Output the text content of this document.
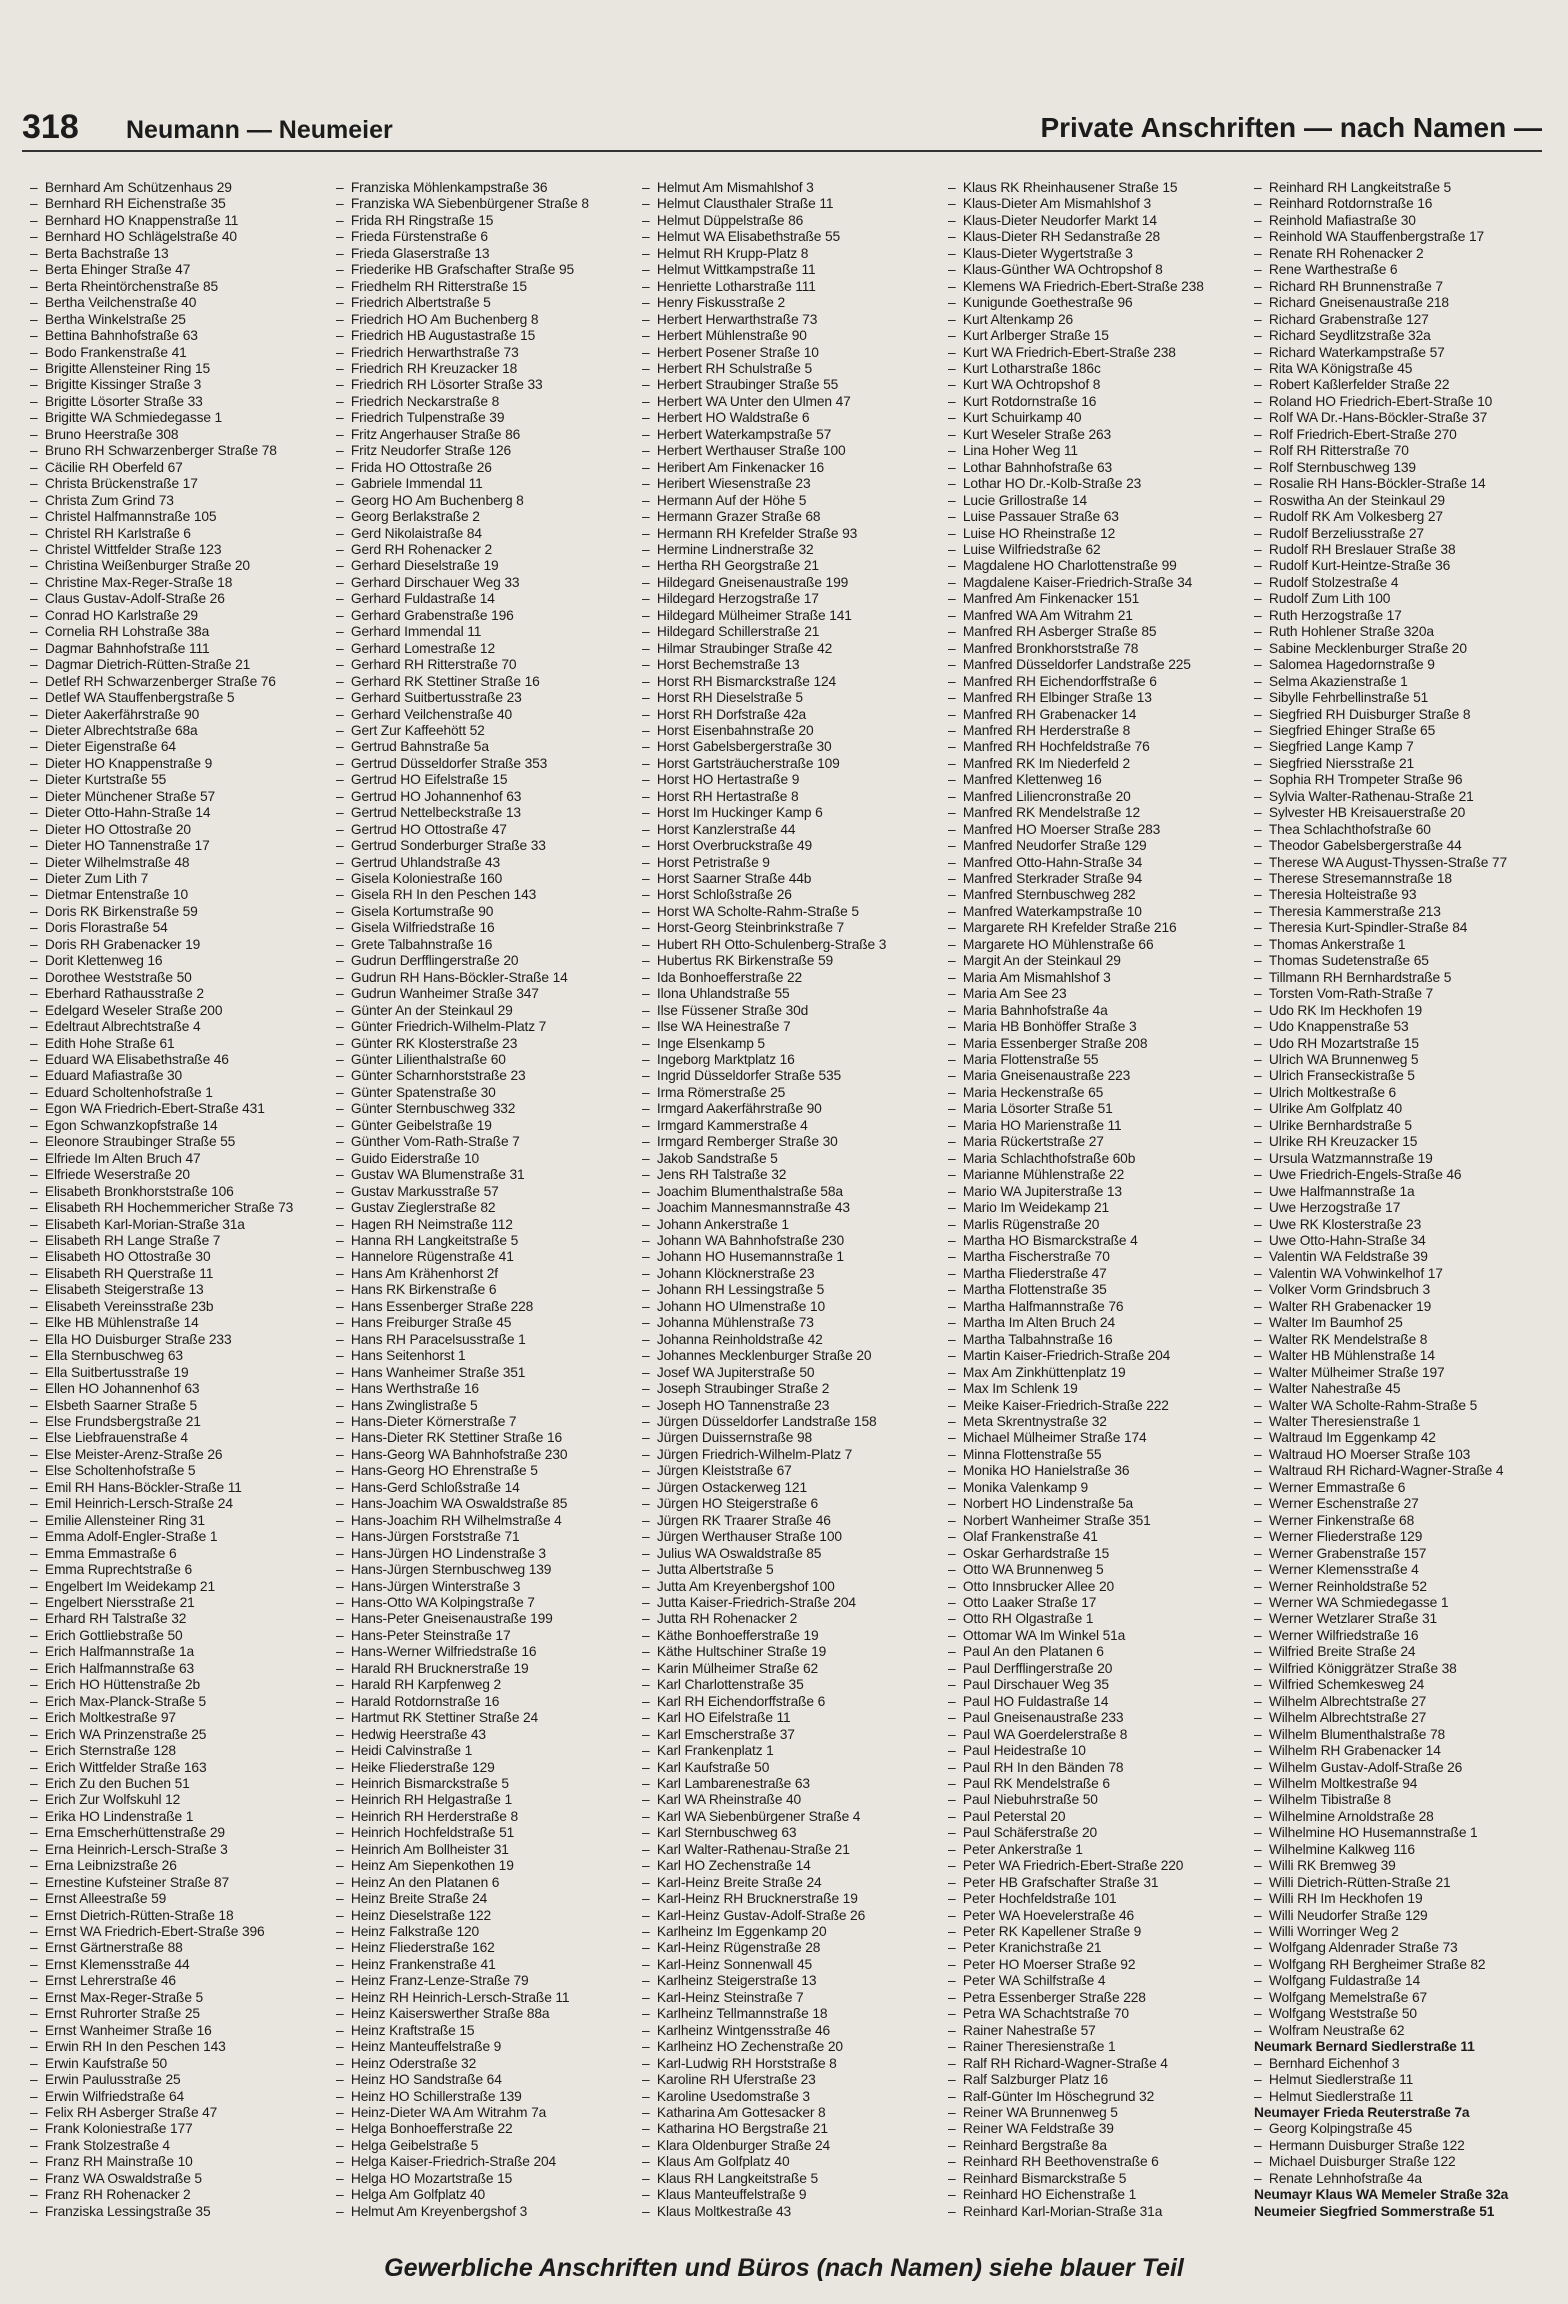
318 Neumann — Neumeier	Private Anschriften — nach Namen —
–  Bernhard Am Schützenhaus 29
–  Bernhard RH Eichenstraße 35
–  Bernhard HO Knappenstraße 11
–  Bernhard HO Schlägelstraße 40
–  Berta Bachstraße 13
–  Berta Ehinger Straße 47
–  Berta Rheintörchenstraße 85
–  Bertha Veilchenstraße 40
–  Bertha Winkelstraße 25
–  Bettina Bahnhofstraße 63
–  Bodo Frankenstraße 41
–  Brigitte Allensteiner Ring 15
–  Brigitte Kissinger Straße 3
–  Brigitte Lösorter Straße 33
–  Brigitte WA Schmiedegasse 1
–  Bruno Heerstraße 308
–  Bruno RH Schwarzenberger Straße 78
–  Cäcilie RH Oberfeld 67
–  Christa Brückenstraße 17
–  Christa Zum Grind 73
–  Christel Halfmannstraße 105
–  Christel RH Karlstraße 6
–  Christel Wittfelder Straße 123
–  Christina Weißenburger Straße 20
–  Christine Max-Reger-Straße 18
–  Claus Gustav-Adolf-Straße 26
–  Conrad HO Karlstraße 29
–  Cornelia RH Lohstraße 38a
–  Dagmar Bahnhofstraße 111
–  Dagmar Dietrich-Rütten-Straße 21
–  Detlef RH Schwarzenberger Straße 76
–  Detlef WA Stauffenbergstraße 5
–  Dieter Aakerfährstraße 90
–  Dieter Albrechtstraße 68a
–  Dieter Eigenstraße 64
–  Dieter HO Knappenstraße 9
–  Dieter Kurtstraße 55
–  Dieter Münchener Straße 57
–  Dieter Otto-Hahn-Straße 14
–  Dieter HO Ottostraße 20
–  Dieter HO Tannenstraße 17
–  Dieter Wilhelmstraße 48
–  Dieter Zum Lith 7
–  Dietmar Entenstraße 10
–  Doris RK Birkenstraße 59
–  Doris Florastraße 54
–  Doris RH Grabenacker 19
–  Dorit Klettenweg 16
–  Dorothee Weststraße 50
–  Eberhard Rathausstraße 2
–  Edelgard Weseler Straße 200
–  Edeltraut Albrechtstraße 4
–  Edith Hohe Straße 61
–  Eduard WA Elisabethstraße 46
–  Eduard Mafiastraße 30
–  Eduard Scholtenhofstraße 1
–  Egon WA Friedrich-Ebert-Straße 431
–  Egon Schwanzkopfstraße 14
–  Eleonore Straubinger Straße 55
–  Elfriede Im Alten Bruch 47
–  Elfriede Weserstraße 20
–  Elisabeth Bronkhorststraße 106
–  Elisabeth RH Hochemmericher Straße 73
–  Elisabeth Karl-Morian-Straße 31a
–  Elisabeth RH Lange Straße 7
–  Elisabeth HO Ottostraße 30
–  Elisabeth RH Querstraße 11
–  Elisabeth Steigerstraße 13
–  Elisabeth Vereinsstraße 23b
–  Elke HB Mühlenstraße 14
–  Ella HO Duisburger Straße 233
–  Ella Sternbuschweg 63
–  Ella Suitbertusstraße 19
–  Ellen HO Johannenhof 63
–  Elsbeth Saarner Straße 5
–  Else Frundsbergstraße 21
–  Else Liebfrauenstraße 4
–  Else Meister-Arenz-Straße 26
–  Else Scholtenhofstraße 5
–  Emil RH Hans-Böckler-Straße 11
–  Emil Heinrich-Lersch-Straße 24
–  Emilie Allensteiner Ring 31
–  Emma Adolf-Engler-Straße 1
–  Emma Emmastraße 6
–  Emma Ruprechtstraße 6
–  Engelbert Im Weidekamp 21
–  Engelbert Niersstraße 21
–  Erhard RH Talstraße 32
–  Erich Gottliebstraße 50
–  Erich Halfmannstraße 1a
–  Erich Halfmannstraße 63
–  Erich HO Hüttenstraße 2b
–  Erich Max-Planck-Straße 5
–  Erich Moltkestraße 97
–  Erich WA Prinzenstraße 25
–  Erich Sternstraße 128
–  Erich Wittfelder Straße 163
–  Erich Zu den Buchen 51
–  Erich Zur Wolfskuhl 12
–  Erika HO Lindenstraße 1
–  Erna Emscherhüttenstraße 29
–  Erna Heinrich-Lersch-Straße 3
–  Erna Leibnizstraße 26
–  Ernestine Kufsteiner Straße 87
–  Ernst Alleestraße 59
–  Ernst Dietrich-Rütten-Straße 18
–  Ernst WA Friedrich-Ebert-Straße 396
–  Ernst Gärtnerstraße 88
–  Ernst Klemensstraße 44
–  Ernst Lehrerstraße 46
–  Ernst Max-Reger-Straße 5
–  Ernst Ruhrorter Straße 25
–  Ernst Wanheimer Straße 16
–  Erwin RH In den Peschen 143
–  Erwin Kaufstraße 50
–  Erwin Paulusstraße 25
–  Erwin Wilfriedstraße 64
–  Felix RH Asberger Straße 47
–  Frank Koloniestraße 177
–  Frank Stolzestraße 4
–  Franz RH Mainstraße 10
–  Franz WA Oswaldstraße 5
–  Franz RH Rohenacker 2
–  Franziska Lessingstraße 35
–  Franziska Möhlenkampstraße 36
–  Franziska WA Siebenbürgener Straße 8
–  Frida RH Ringstraße 15
–  Frieda Fürstenstraße 6
–  Frieda Glaserstraße 13
–  Friederike HB Grafschafter Straße 95
–  Friedhelm RH Ritterstraße 15
–  Friedrich Albertstraße 5
–  Friedrich HO Am Buchenberg 8
–  Friedrich HB Augustastraße 15
–  Friedrich Herwarthstraße 73
–  Friedrich RH Kreuzacker 18
–  Friedrich RH Lösorter Straße 33
–  Friedrich Neckarstraße 8
–  Friedrich Tulpenstraße 39
–  Fritz Angerhauser Straße 86
–  Fritz Neudorfer Straße 126
–  Frida HO Ottostraße 26
–  Gabriele Immendal 11
–  Georg HO Am Buchenberg 8
–  Georg Berlakstraße 2
–  Gerd Nikolaistraße 84
–  Gerd RH Rohenacker 2
–  Gerhard Dieselstraße 19
–  Gerhard Dirschauer Weg 33
–  Gerhard Fuldastraße 14
–  Gerhard Grabenstraße 196
–  Gerhard Immendal 11
–  Gerhard Lomestraße 12
–  Gerhard RH Ritterstraße 70
–  Gerhard RK Stettiner Straße 16
–  Gerhard Suitbertusstraße 23
–  Gerhard Veilchenstraße 40
–  Gert Zur Kaffeehött 52
–  Gertrud Bahnstraße 5a
–  Gertrud Düsseldorfer Straße 353
–  Gertrud HO Eifelstraße 15
–  Gertrud HO Johannenhof 63
–  Gertrud Nettelbeckstraße 13
–  Gertrud HO Ottostraße 47
–  Gertrud Sonderburger Straße 33
–  Gertrud Uhlandstraße 43
–  Gisela Koloniestraße 160
–  Gisela RH In den Peschen 143
–  Gisela Kortumstraße 90
–  Gisela Wilfriedstraße 16
–  Grete Talbahnstraße 16
–  Gudrun Derfflingerstraße 20
–  Gudrun RH Hans-Böckler-Straße 14
–  Gudrun Wanheimer Straße 347
–  Günter An der Steinkaul 29
–  Günter Friedrich-Wilhelm-Platz 7
–  Günter RK Klosterstraße 23
–  Günter Lilienthalstraße 60
–  Günter Scharnhorststraße 23
–  Günter Spatenstraße 30
–  Günter Sternbuschweg 332
–  Günter Geibelstraße 19
–  Günther Vom-Rath-Straße 7
–  Guido Eiderstraße 10
–  Gustav WA Blumenstraße 31
–  Gustav Markusstraße 57
–  Gustav Zieglerstraße 82
–  Hagen RH Neimstraße 112
–  Hanna RH Langkeitstraße 5
–  Hannelore Rügenstraße 41
–  Hans Am Krähenhorst 2f
–  Hans RK Birkenstraße 6
–  Hans Essenberger Straße 228
–  Hans Freiburger Straße 45
–  Hans RH Paracelsusstraße 1
–  Hans Seitenhorst 1
–  Hans Wanheimer Straße 351
–  Hans Werthstraße 16
–  Hans Zwinglistraße 5
–  Hans-Dieter Körnerstraße 7
–  Hans-Dieter RK Stettiner Straße 16
–  Hans-Georg WA Bahnhofstraße 230
–  Hans-Georg HO Ehrenstraße 5
–  Hans-Gerd Schloßstraße 14
–  Hans-Joachim WA Oswaldstraße 85
–  Hans-Joachim RH Wilhelmstraße 4
–  Hans-Jürgen Forststraße 71
–  Hans-Jürgen HO Lindenstraße 3
–  Hans-Jürgen Sternbuschweg 139
–  Hans-Jürgen Winterstraße 3
–  Hans-Otto WA Kolpingstraße 7
–  Hans-Peter Gneisenaustraße 199
–  Hans-Peter Steinstraße 17
–  Hans-Werner Wilfriedstraße 16
–  Harald RH Brucknerstraße 19
–  Harald RH Karpfenweg 2
–  Harald Rotdornstraße 16
–  Hartmut RK Stettiner Straße 24
–  Hedwig Heerstraße 43
–  Heidi Calvinstraße 1
–  Heike Fliederstraße 129
–  Heinrich Bismarckstraße 5
–  Heinrich RH Helgastraße 1
–  Heinrich RH Herderstraße 8
–  Heinrich Hochfeldstraße 51
–  Heinrich Am Bollheister 31
–  Heinz Am Siepenkothen 19
–  Heinz An den Platanen 6
–  Heinz Breite Straße 24
–  Heinz Dieselstraße 122
–  Heinz Falkstraße 120
–  Heinz Fliederstraße 162
–  Heinz Frankenstraße 41
–  Heinz Franz-Lenze-Straße 79
–  Heinz RH Heinrich-Lersch-Straße 11
–  Heinz Kaiserswerther Straße 88a
–  Heinz Kraftstraße 15
–  Heinz Manteuffelstraße 9
–  Heinz Oderstraße 32
–  Heinz HO Sandstraße 64
–  Heinz HO Schillerstraße 139
–  Heinz-Dieter WA Am Witrahm 7a
–  Helga Bonhoefferstraße 22
–  Helga Geibelstraße 5
–  Helga Kaiser-Friedrich-Straße 204
–  Helga HO Mozartstraße 15
–  Helga Am Golfplatz 40
–  Helmut Am Kreyenbergshof 3
–  Helmut Am Mismahlshof 3
–  Helmut Clausthaler Straße 11
–  Helmut Düppelstraße 86
–  Helmut WA Elisabethstraße 55
–  Helmut RH Krupp-Platz 8
–  Helmut Wittkampstraße 11
–  Henriette Lotharstraße 111
–  Henry Fiskusstraße 2
–  Herbert Herwarthstraße 73
–  Herbert Mühlenstraße 90
–  Herbert Posener Straße 10
–  Herbert RH Schulstraße 5
–  Herbert Straubinger Straße 55
–  Herbert WA Unter den Ulmen 47
–  Herbert HO Waldstraße 6
–  Herbert Waterkampstraße 57
–  Herbert Werthauser Straße 100
–  Heribert Am Finkenacker 16
–  Heribert Wiesenstraße 23
–  Hermann Auf der Höhe 5
–  Hermann Grazer Straße 68
–  Hermann RH Krefelder Straße 93
–  Hermine Lindnerstraße 32
–  Hertha RH Georgstraße 21
–  Hildegard Gneisenaustraße 199
–  Hildegard Herzogstraße 17
–  Hildegard Mülheimer Straße 141
–  Hildegard Schillerstraße 21
–  Hilmar Straubinger Straße 42
–  Horst Bechemstraße 13
–  Horst RH Bismarckstraße 124
–  Horst RH Dieselstraße 5
–  Horst RH Dorfstraße 42a
–  Horst Eisenbahnstraße 20
–  Horst Gabelsbergerstraße 30
–  Horst Gartsträucherstraße 109
–  Horst HO Hertastraße 9
–  Horst RH Hertastraße 8
–  Horst Im Huckinger Kamp 6
–  Horst Kanzlerstraße 44
–  Horst Overbruckstraße 49
–  Horst Petristraße 9
–  Horst Saarner Straße 44b
–  Horst Schloßstraße 26
–  Horst WA Scholte-Rahm-Straße 5
–  Horst-Georg Steinbrinkstraße 7
–  Hubert RH Otto-Schulenberg-Straße 3
–  Hubertus RK Birkenstraße 59
–  Ida Bonhoefferstraße 22
–  Ilona Uhlandstraße 55
–  Ilse Füssener Straße 30d
–  Ilse WA Heinestraße 7
–  Inge Elsenkamp 5
–  Ingeborg Marktplatz 16
–  Ingrid Düsseldorfer Straße 535
–  Irma Römerstraße 25
–  Irmgard Aakerfährstraße 90
–  Irmgard Kammerstraße 4
–  Irmgard Remberger Straße 30
–  Jakob Sandstraße 5
–  Jens RH Talstraße 32
–  Joachim Blumenthalstraße 58a
–  Joachim Mannesmannstraße 43
–  Johann Ankerstraße 1
–  Johann WA Bahnhofstraße 230
–  Johann HO Husemannstraße 1
–  Johann Klöcknerstraße 23
–  Johann RH Lessingstraße 5
–  Johann HO Ulmenstraße 10
–  Johanna Mühlenstraße 73
–  Johanna Reinholdstraße 42
–  Johannes Mecklenburger Straße 20
–  Josef WA Jupiterstraße 50
–  Joseph Straubinger Straße 2
–  Joseph HO Tannenstraße 23
–  Jürgen Düsseldorfer Landstraße 158
–  Jürgen Duissernstraße 98
–  Jürgen Friedrich-Wilhelm-Platz 7
–  Jürgen Kleiststraße 67
–  Jürgen Ostackerweg 121
–  Jürgen HO Steigerstraße 6
–  Jürgen RK Traarer Straße 46
–  Jürgen Werthauser Straße 100
–  Julius WA Oswaldstraße 85
–  Jutta Albertstraße 5
–  Jutta Am Kreyenbergshof 100
–  Jutta Kaiser-Friedrich-Straße 204
–  Jutta RH Rohenacker 2
–  Käthe Bonhoefferstraße 19
–  Käthe Hultschiner Straße 19
–  Karin Mülheimer Straße 62
–  Karl Charlottenstraße 35
–  Karl RH Eichendorffstraße 6
–  Karl HO Eifelstraße 11
–  Karl Emscherstraße 37
–  Karl Frankenplatz 1
–  Karl Kaufstraße 50
–  Karl Lambarenestraße 63
–  Karl WA Rheinstraße 40
–  Karl WA Siebenbürgener Straße 4
–  Karl Sternbuschweg 63
–  Karl Walter-Rathenau-Straße 21
–  Karl HO Zechenstraße 14
–  Karl-Heinz Breite Straße 24
–  Karl-Heinz RH Brucknerstraße 19
–  Karl-Heinz Gustav-Adolf-Straße 26
–  Karlheinz Im Eggenkamp 20
–  Karl-Heinz Rügenstraße 28
–  Karl-Heinz Sonnenwall 45
–  Karlheinz Steigerstraße 13
–  Karl-Heinz Steinstraße 7
–  Karlheinz Tellmannstraße 18
–  Karlheinz Wintgensstraße 46
–  Karlheinz HO Zechenstraße 20
–  Karl-Ludwig RH Horststraße 8
–  Karoline RH Uferstraße 23
–  Karoline Usedomstraße 3
–  Katharina Am Gottesacker 8
–  Katharina HO Bergstraße 21
–  Klara Oldenburger Straße 24
–  Klaus Am Golfplatz 40
–  Klaus RH Langkeitstraße 5
–  Klaus Manteuffelstraße 9
–  Klaus Moltkestraße 43
–  Klaus RK Rheinhausener Straße 15
–  Klaus-Dieter Am Mismahlshof 3
–  Klaus-Dieter Neudorfer Markt 14
–  Klaus-Dieter RH Sedanstraße 28
–  Klaus-Dieter Wygertstraße 3
–  Klaus-Günther WA Ochtropshof 8
–  Klemens WA Friedrich-Ebert-Straße 238
–  Kunigunde Goethestraße 96
–  Kurt Altenkamp 26
–  Kurt Arlberger Straße 15
–  Kurt WA Friedrich-Ebert-Straße 238
–  Kurt Lotharstraße 186c
–  Kurt WA Ochtropshof 8
–  Kurt Rotdornstraße 16
–  Kurt Schuirkamp 40
–  Kurt Weseler Straße 263
–  Lina Hoher Weg 11
–  Lothar Bahnhofstraße 63
–  Lothar HO Dr.-Kolb-Straße 23
–  Lucie Grillostraße 14
–  Luise Passauer Straße 63
–  Luise HO Rheinstraße 12
–  Luise Wilfriedstraße 62
–  Magdalene HO Charlottenstraße 99
–  Magdalene Kaiser-Friedrich-Straße 34
–  Manfred Am Finkenacker 151
–  Manfred WA Am Witrahm 21
–  Manfred RH Asberger Straße 85
–  Manfred Bronkhorststraße 78
–  Manfred Düsseldorfer Landstraße 225
–  Manfred RH Eichendorffstraße 6
–  Manfred RH Elbinger Straße 13
–  Manfred RH Grabenacker 14
–  Manfred RH Herderstraße 8
–  Manfred RH Hochfeldstraße 76
–  Manfred RK Im Niederfeld 2
–  Manfred Klettenweg 16
–  Manfred Liliencronstraße 20
–  Manfred RK Mendelstraße 12
–  Manfred HO Moerser Straße 283
–  Manfred Neudorfer Straße 129
–  Manfred Otto-Hahn-Straße 34
–  Manfred Sterkrader Straße 94
–  Manfred Sternbuschweg 282
–  Manfred Waterkampstraße 10
–  Margarete RH Krefelder Straße 216
–  Margarete HO Mühlenstraße 66
–  Margit An der Steinkaul 29
–  Maria Am Mismahlshof 3
–  Maria Am See 23
–  Maria Bahnhofstraße 4a
–  Maria HB Bonhöffer Straße 3
–  Maria Essenberger Straße 208
–  Maria Flottenstraße 55
–  Maria Gneisenaustraße 223
–  Maria Heckenstraße 65
–  Maria Lösorter Straße 51
–  Maria HO Marienstraße 11
–  Maria Rückertstraße 27
–  Maria Schlachthofstraße 60b
–  Marianne Mühlenstraße 22
–  Mario WA Jupiterstraße 13
–  Mario Im Weidekamp 21
–  Marlis Rügenstraße 20
–  Martha HO Bismarckstraße 4
–  Martha Fischerstraße 70
–  Martha Fliederstraße 47
–  Martha Flottenstraße 35
–  Martha Halfmannstraße 76
–  Martha Im Alten Bruch 24
–  Martha Talbahnstraße 16
–  Martin Kaiser-Friedrich-Straße 204
–  Max Am Zinkhüttenplatz 19
–  Max Im Schlenk 19
–  Meike Kaiser-Friedrich-Straße 222
–  Meta Skrentnystraße 32
–  Michael Mülheimer Straße 174
–  Minna Flottenstraße 55
–  Monika HO Hanielstraße 36
–  Monika Valenkamp 9
–  Norbert HO Lindenstraße 5a
–  Norbert Wanheimer Straße 351
–  Olaf Frankenstraße 41
–  Oskar Gerhardstraße 15
–  Otto WA Brunnenweg 5
–  Otto Innsbrucker Allee 20
–  Otto Laaker Straße 17
–  Otto RH Olgastraße 1
–  Ottomar WA Im Winkel 51a
–  Paul An den Platanen 6
–  Paul Derfflingerstraße 20
–  Paul Dirschauer Weg 35
–  Paul HO Fuldastraße 14
–  Paul Gneisenaustraße 233
–  Paul WA Goerdelerstraße 8
–  Paul Heidestraße 10
–  Paul RH In den Bänden 78
–  Paul RK Mendelstraße 6
–  Paul Niebuhrstraße 50
–  Paul Peterstal 20
–  Paul Schäferstraße 20
–  Peter Ankerstraße 1
–  Peter WA Friedrich-Ebert-Straße 220
–  Peter HB Grafschafter Straße 31
–  Peter Hochfeldstraße 101
–  Peter WA Hoevelerstraße 46
–  Peter RK Kapellener Straße 9
–  Peter Kranichstraße 21
–  Peter HO Moerser Straße 92
–  Peter WA Schilfstraße 4
–  Petra Essenberger Straße 228
–  Petra WA Schachtstraße 70
–  Rainer Nahestraße 57
–  Rainer Theresienstraße 1
–  Ralf RH Richard-Wagner-Straße 4
–  Ralf Salzburger Platz 16
–  Ralf-Günter Im Höschegrund 32
–  Reiner WA Brunnenweg 5
–  Reiner WA Feldstraße 39
–  Reinhard Bergstraße 8a
–  Reinhard RH Beethovenstraße 6
–  Reinhard Bismarckstraße 5
–  Reinhard HO Eichenstraße 1
–  Reinhard Karl-Morian-Straße 31a
–  Reinhard RH Langkeitstraße 5
–  Reinhard Rotdornstraße 16
–  Reinhold Mafiastraße 30
–  Reinhold WA Stauffenbergstraße 17
–  Renate RH Rohenacker 2
–  Rene Warthestraße 6
–  Richard RH Brunnenstraße 7
–  Richard Gneisenaustraße 218
–  Richard Grabenstraße 127
–  Richard Seydlitzstraße 32a
–  Richard Waterkampstraße 57
–  Rita WA Königstraße 45
–  Robert Kaßlerfelder Straße 22
–  Roland HO Friedrich-Ebert-Straße 10
–  Rolf WA Dr.-Hans-Böckler-Straße 37
–  Rolf Friedrich-Ebert-Straße 270
–  Rolf RH Ritterstraße 70
–  Rolf Sternbuschweg 139
–  Rosalie RH Hans-Böckler-Straße 14
–  Roswitha An der Steinkaul 29
–  Rudolf RK Am Volkesberg 27
–  Rudolf Berzeliusstraße 27
–  Rudolf RH Breslauer Straße 38
–  Rudolf Kurt-Heintze-Straße 36
–  Rudolf Stolzestraße 4
–  Rudolf Zum Lith 100
–  Ruth Herzogstraße 17
–  Ruth Hohlener Straße 320a
–  Sabine Mecklenburger Straße 20
–  Salomea Hagedornstraße 9
–  Selma Akazienstraße 1
–  Sibylle Fehrbellinstraße 51
–  Siegfried RH Duisburger Straße 8
–  Siegfried Ehinger Straße 65
–  Siegfried Lange Kamp 7
–  Siegfried Niersstraße 21
–  Sophia RH Trompeter Straße 96
–  Sylvia Walter-Rathenau-Straße 21
–  Sylvester HB Kreisauerstraße 20
–  Thea Schlachthofstraße 60
–  Theodor Gabelsbergerstraße 44
–  Therese WA August-Thyssen-Straße 77
–  Therese Stresemannstraße 18
–  Theresia Holteistraße 93
–  Theresia Kammerstraße 213
–  Theresia Kurt-Spindler-Straße 84
–  Thomas Ankerstraße 1
–  Thomas Sudetenstraße 65
–  Tillmann RH Bernhardstraße 5
–  Torsten Vom-Rath-Straße 7
–  Udo RK Im Heckhofen 19
–  Udo Knappenstraße 53
–  Udo RH Mozartstraße 15
–  Ulrich WA Brunnenweg 5
–  Ulrich Franseckistraße 5
–  Ulrich Moltkestraße 6
–  Ulrike Am Golfplatz 40
–  Ulrike Bernhardstraße 5
–  Ulrike RH Kreuzacker 15
–  Ursula Watzmannstraße 19
–  Uwe Friedrich-Engels-Straße 46
–  Uwe Halfmannstraße 1a
–  Uwe Herzogstraße 17
–  Uwe RK Klosterstraße 23
–  Uwe Otto-Hahn-Straße 34
–  Valentin WA Feldstraße 39
–  Valentin WA Vohwinkelhof 17
–  Volker Vorm Grindsbruch 3
–  Walter RH Grabenacker 19
–  Walter Im Baumhof 25
–  Walter RK Mendelstraße 8
–  Walter HB Mühlenstraße 14
–  Walter Mülheimer Straße 197
–  Walter Nahestraße 45
–  Walter WA Scholte-Rahm-Straße 5
–  Walter Theresienstraße 1
–  Waltraud Im Eggenkamp 42
–  Waltraud HO Moerser Straße 103
–  Waltraud RH Richard-Wagner-Straße 4
–  Werner Emmastraße 6
–  Werner Eschenstraße 27
–  Werner Finkenstraße 68
–  Werner Fliederstraße 129
–  Werner Grabenstraße 157
–  Werner Klemensstraße 4
–  Werner Reinholdstraße 52
–  Werner WA Schmiedegasse 1
–  Werner Wetzlarer Straße 31
–  Werner Wilfriedstraße 16
–  Wilfried Breite Straße 24
–  Wilfried Königgrätzer Straße 38
–  Wilfried Schemkesweg 24
–  Wilhelm Albrechtstraße 27
–  Wilhelm Albrechtstraße 27
–  Wilhelm Blumenthalstraße 78
–  Wilhelm RH Grabenacker 14
–  Wilhelm Gustav-Adolf-Straße 26
–  Wilhelm Moltkestraße 94
–  Wilhelm Tibistraße 8
–  Wilhelmine Arnoldstraße 28
–  Wilhelmine HO Husemannstraße 1
–  Wilhelmine Kalkweg 116
–  Willi RK Bremweg 39
–  Willi Dietrich-Rütten-Straße 21
–  Willi RH Im Heckhofen 19
–  Willi Neudorfer Straße 129
–  Willi Worringer Weg 2
–  Wolfgang Aldenrader Straße 73
–  Wolfgang RH Bergheimer Straße 82
–  Wolfgang Fuldastraße 14
–  Wolfgang Memelstraße 67
–  Wolfgang Weststraße 50
–  Wolfram Neustraße 62
Neumark Bernard Siedlerstraße 11
–  Bernhard Eichenhof 3
–  Helmut Siedlerstraße 11
–  Helmut Siedlerstraße 11
Neumayer Frieda Reuterstraße 7a
–  Georg Kolpingstraße 45
–  Hermann Duisburger Straße 122
–  Michael Duisburger Straße 122
–  Renate Lehnhofstraße 4a
Neumayr Klaus WA Memeler Straße 32a
Neumeier Siegfried Sommerstraße 51
Gewerbliche Anschriften und Büros (nach Namen) siehe blauer Teil
